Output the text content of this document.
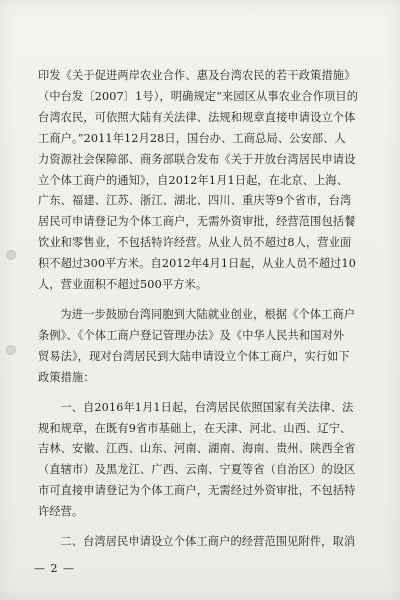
印发《关于促进两岸农业合作、惠及台湾农民的若干政策措施》
（中台发〔2007〕1号），明确规定“来园区从事农业合作项目的
台湾农民，可依照大陆有关法律、法规和规章直接申请设立个体
工商户。”2011年12月28日，国台办、工商总局、公安部、人
力资源社会保障部、商务部联合发布《关于开放台湾居民申请设
立个体工商户的通知》，自2012年1月1日起，在北京、上海、
广东、福建、江苏、浙江、湖北、四川、重庆等9个省市，台湾
居民可申请登记为个体工商户，无需外资审批，经营范围包括餐
饮业和零售业，不包括特许经营。从业人员不超过8人，营业面
积不超过300平方米。自2012年4月1日起，从业人员不超过10
人，营业面积不超过500平方米。
为进一步鼓励台湾同胞到大陆就业创业，根据《个体工商户
条例》、《个体工商户登记管理办法》及《中华人民共和国对外
贸易法》，现对台湾居民到大陆申请设立个体工商户，实行如下
政策措施：
一、自2016年1月1日起，台湾居民依照国家有关法律、法
规和规章，在既有9省市基础上，在天津、河北、山西、辽宁、
吉林、安徽、江西、山东、河南、湖南、海南、贵州、陕西全省
（直辖市）及黑龙江、广西、云南、宁夏等省（自治区）的设区
市可直接申请登记为个体工商户，无需经过外资审批，不包括特
许经营。
二、台湾居民申请设立个体工商户的经营范围见附件，取消
— 2 —
